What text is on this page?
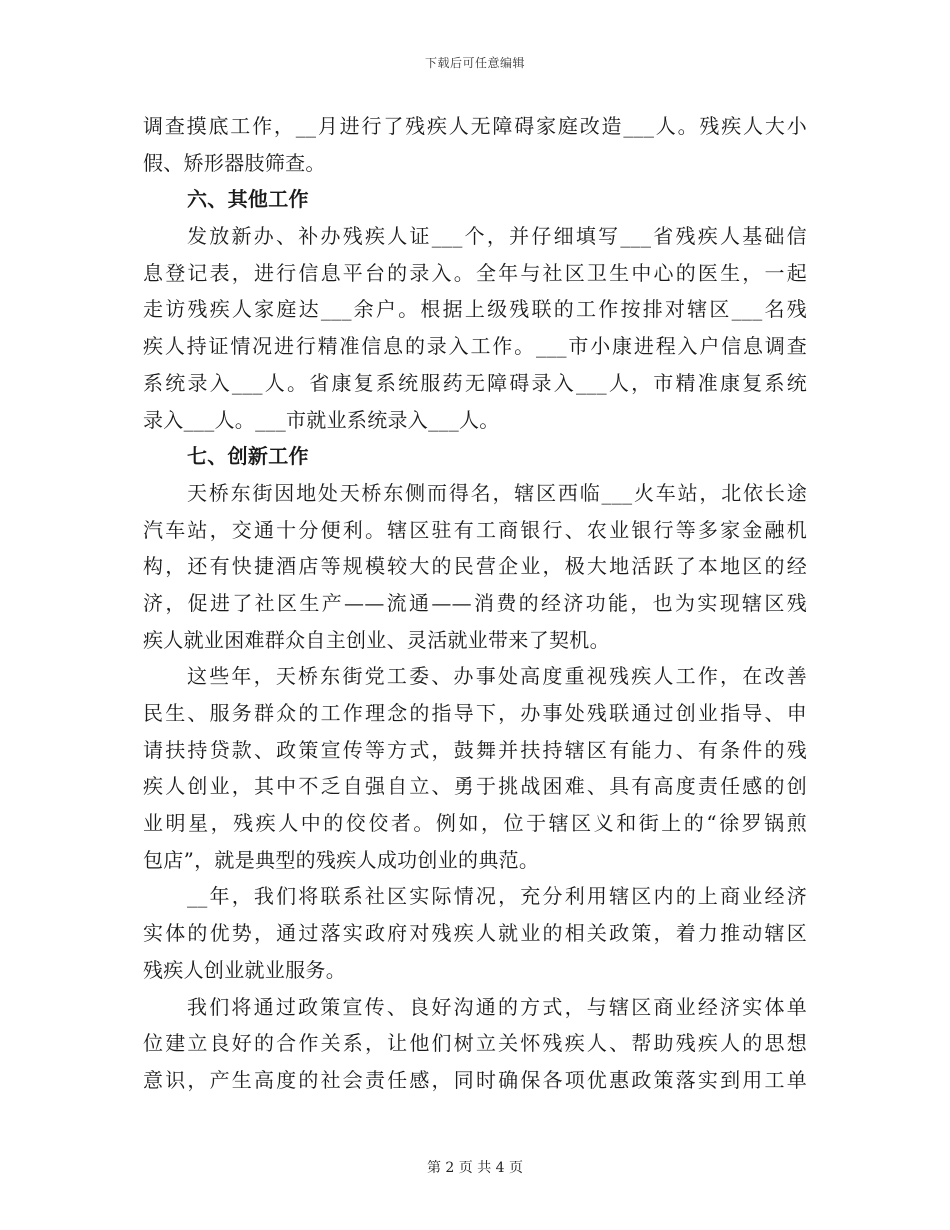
下载后可任意编辑
调查摸底工作，__月进行了残疾人无障碍家庭改造___人。残疾人大小
假、矫形器肢筛查。
六、其他工作
发放新办、补办残疾人证___个，并仔细填写___省残疾人基础信
息登记表，进行信息平台的录入。全年与社区卫生中心的医生，一起
走访残疾人家庭达___余户。根据上级残联的工作按排对辖区___名残
疾人持证情况进行精准信息的录入工作。___市小康进程入户信息调查
系统录入___人。省康复系统服药无障碍录入___人，市精准康复系统
录入___人。___市就业系统录入___人。
七、创新工作
天桥东街因地处天桥东侧而得名，辖区西临___火车站，北依长途
汽车站，交通十分便利。辖区驻有工商银行、农业银行等多家金融机
构，还有快捷酒店等规模较大的民营企业，极大地活跃了本地区的经
济，促进了社区生产——流通——消费的经济功能，也为实现辖区残
疾人就业困难群众自主创业、灵活就业带来了契机。
这些年，天桥东街党工委、办事处高度重视残疾人工作，在改善
民生、服务群众的工作理念的指导下，办事处残联通过创业指导、申
请扶持贷款、政策宣传等方式，鼓舞并扶持辖区有能力、有条件的残
疾人创业，其中不乏自强自立、勇于挑战困难、具有高度责任感的创
业明星，残疾人中的佼佼者。例如，位于辖区义和街上的“徐罗锅煎
包店”，就是典型的残疾人成功创业的典范。
__年，我们将联系社区实际情况，充分利用辖区内的上商业经济
实体的优势，通过落实政府对残疾人就业的相关政策，着力推动辖区
残疾人创业就业服务。
我们将通过政策宣传、良好沟通的方式，与辖区商业经济实体单
位建立良好的合作关系，让他们树立关怀残疾人、帮助残疾人的思想
意识，产生高度的社会责任感，同时确保各项优惠政策落实到用工单
第 2 页 共 4 页
